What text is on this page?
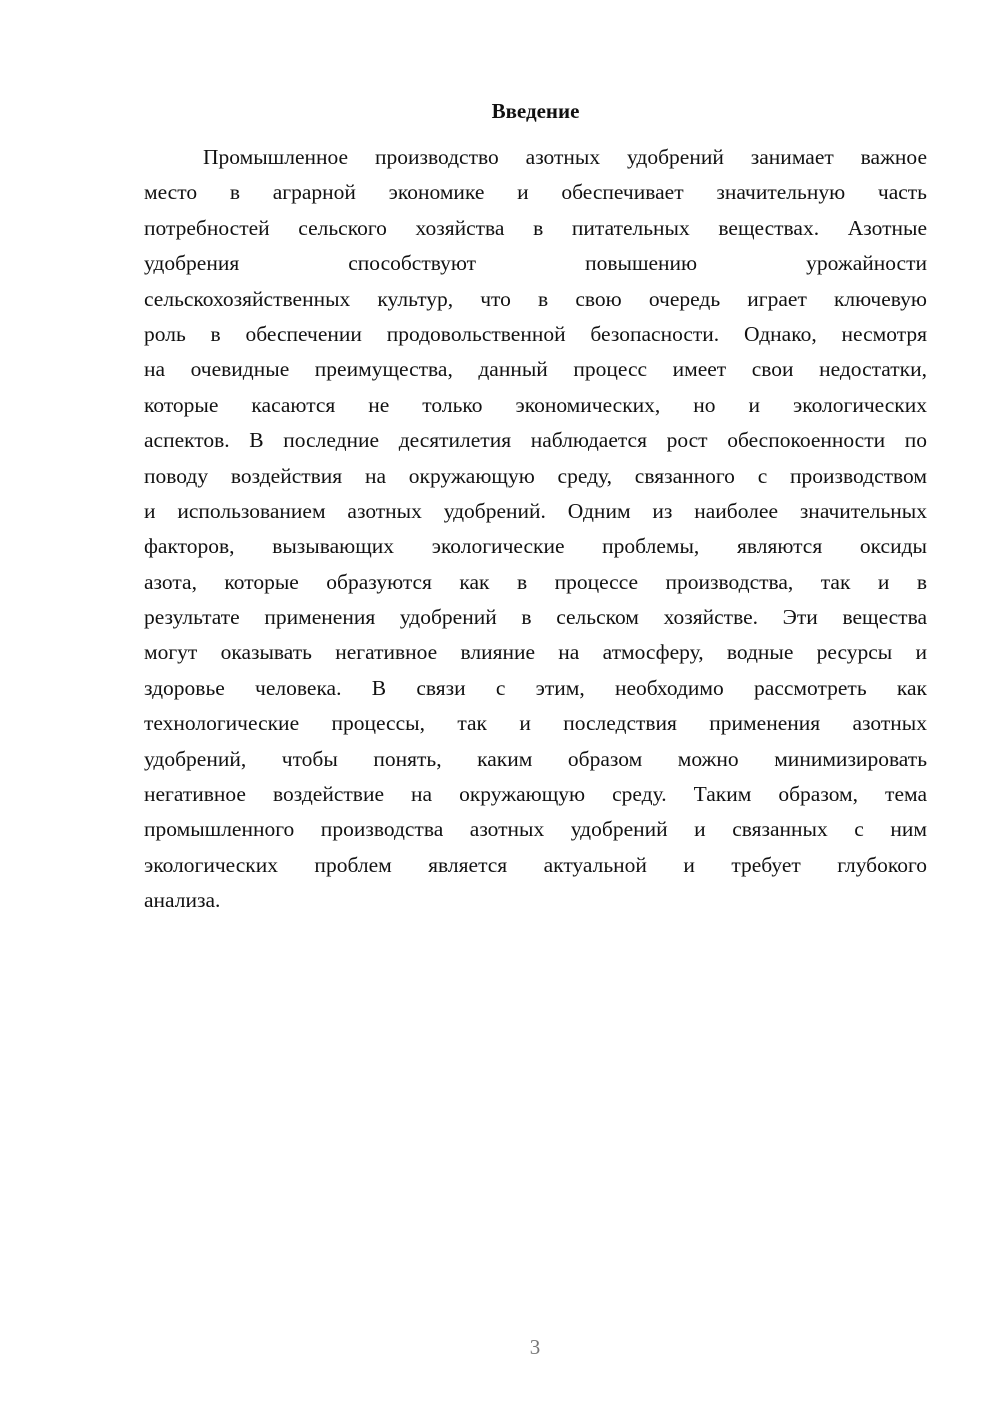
Введение
Промышленное производство азотных удобрений занимает важное
место в аграрной экономике и обеспечивает значительную часть
потребностей сельского хозяйства в питательных веществах. Азотные
удобрения способствуют повышению урожайности
сельскохозяйственных культур, что в свою очередь играет ключевую
роль в обеспечении продовольственной безопасности. Однако, несмотря
на очевидные преимущества, данный процесс имеет свои недостатки,
которые касаются не только экономических, но и экологических
аспектов. В последние десятилетия наблюдается рост обеспокоенности по
поводу воздействия на окружающую среду, связанного с производством
и использованием азотных удобрений. Одним из наиболее значительных
факторов, вызывающих экологические проблемы, являются оксиды
азота, которые образуются как в процессе производства, так и в
результате применения удобрений в сельском хозяйстве. Эти вещества
могут оказывать негативное влияние на атмосферу, водные ресурсы и
здоровье человека. В связи с этим, необходимо рассмотреть как
технологические процессы, так и последствия применения азотных
удобрений, чтобы понять, каким образом можно минимизировать
негативное воздействие на окружающую среду. Таким образом, тема
промышленного производства азотных удобрений и связанных с ним
экологических проблем является актуальной и требует глубокого
анализа.
3
